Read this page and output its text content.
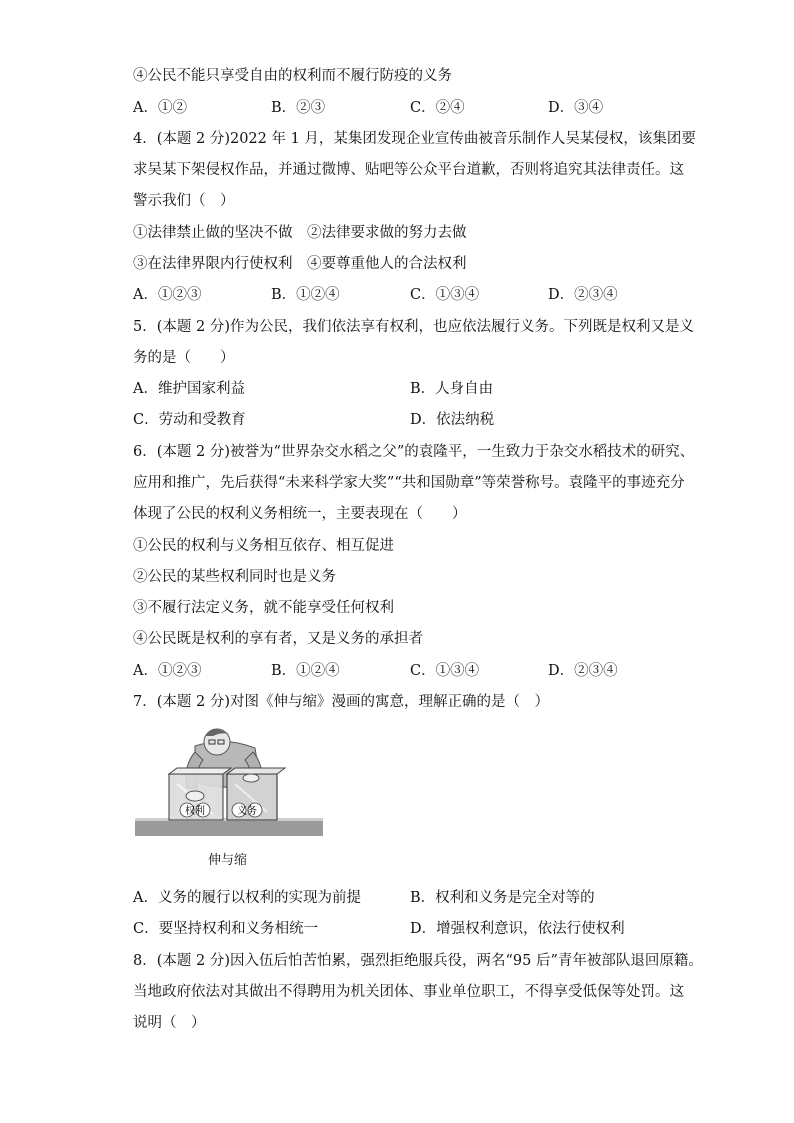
④公民不能只享受自由的权利而不履行防疫的义务
A．①②	B．②③	C．②④	D．③④
4．(本题 2 分)2022 年 1 月，某集团发现企业宣传曲被音乐制作人吴某侵权，该集团要
求吴某下架侵权作品，并通过微博、贴吧等公众平台道歉，否则将追究其法律责任。这
警示我们（　）
①法律禁止做的坚决不做　②法律要求做的努力去做
③在法律界限内行使权利　④要尊重他人的合法权利
A．①②③	B．①②④	C．①③④	D．②③④
5．(本题 2 分)作为公民，我们依法享有权利，也应依法履行义务。下列既是权利又是义
务的是（　　）
A．维护国家利益	B．人身自由
C．劳动和受教育	D．依法纳税
6．(本题 2 分)被誉为“世界杂交水稻之父”的袁隆平，一生致力于杂交水稻技术的研究、
应用和推广，先后获得“未来科学家大奖”“共和国勋章”等荣誉称号。袁隆平的事迹充分
体现了公民的权利义务相统一，主要表现在（　　）
①公民的权利与义务相互依存、相互促进
②公民的某些权利同时也是义务
③不履行法定义务，就不能享受任何权利
④公民既是权利的享有者，又是义务的承担者
A．①②③	B．①②④	C．①③④	D．②③④
7．(本题 2 分)对图《伸与缩》漫画的寓意，理解正确的是（　）
权利	义务
伸与缩
A．义务的履行以权利的实现为前提	B．权利和义务是完全对等的
C．要坚持权利和义务相统一	D．增强权利意识，依法行使权利
8．(本题 2 分)因入伍后怕苦怕累，强烈拒绝服兵役，两名“95 后”青年被部队退回原籍。
当地政府依法对其做出不得聘用为机关团体、事业单位职工，不得享受低保等处罚。这
说明（　）
